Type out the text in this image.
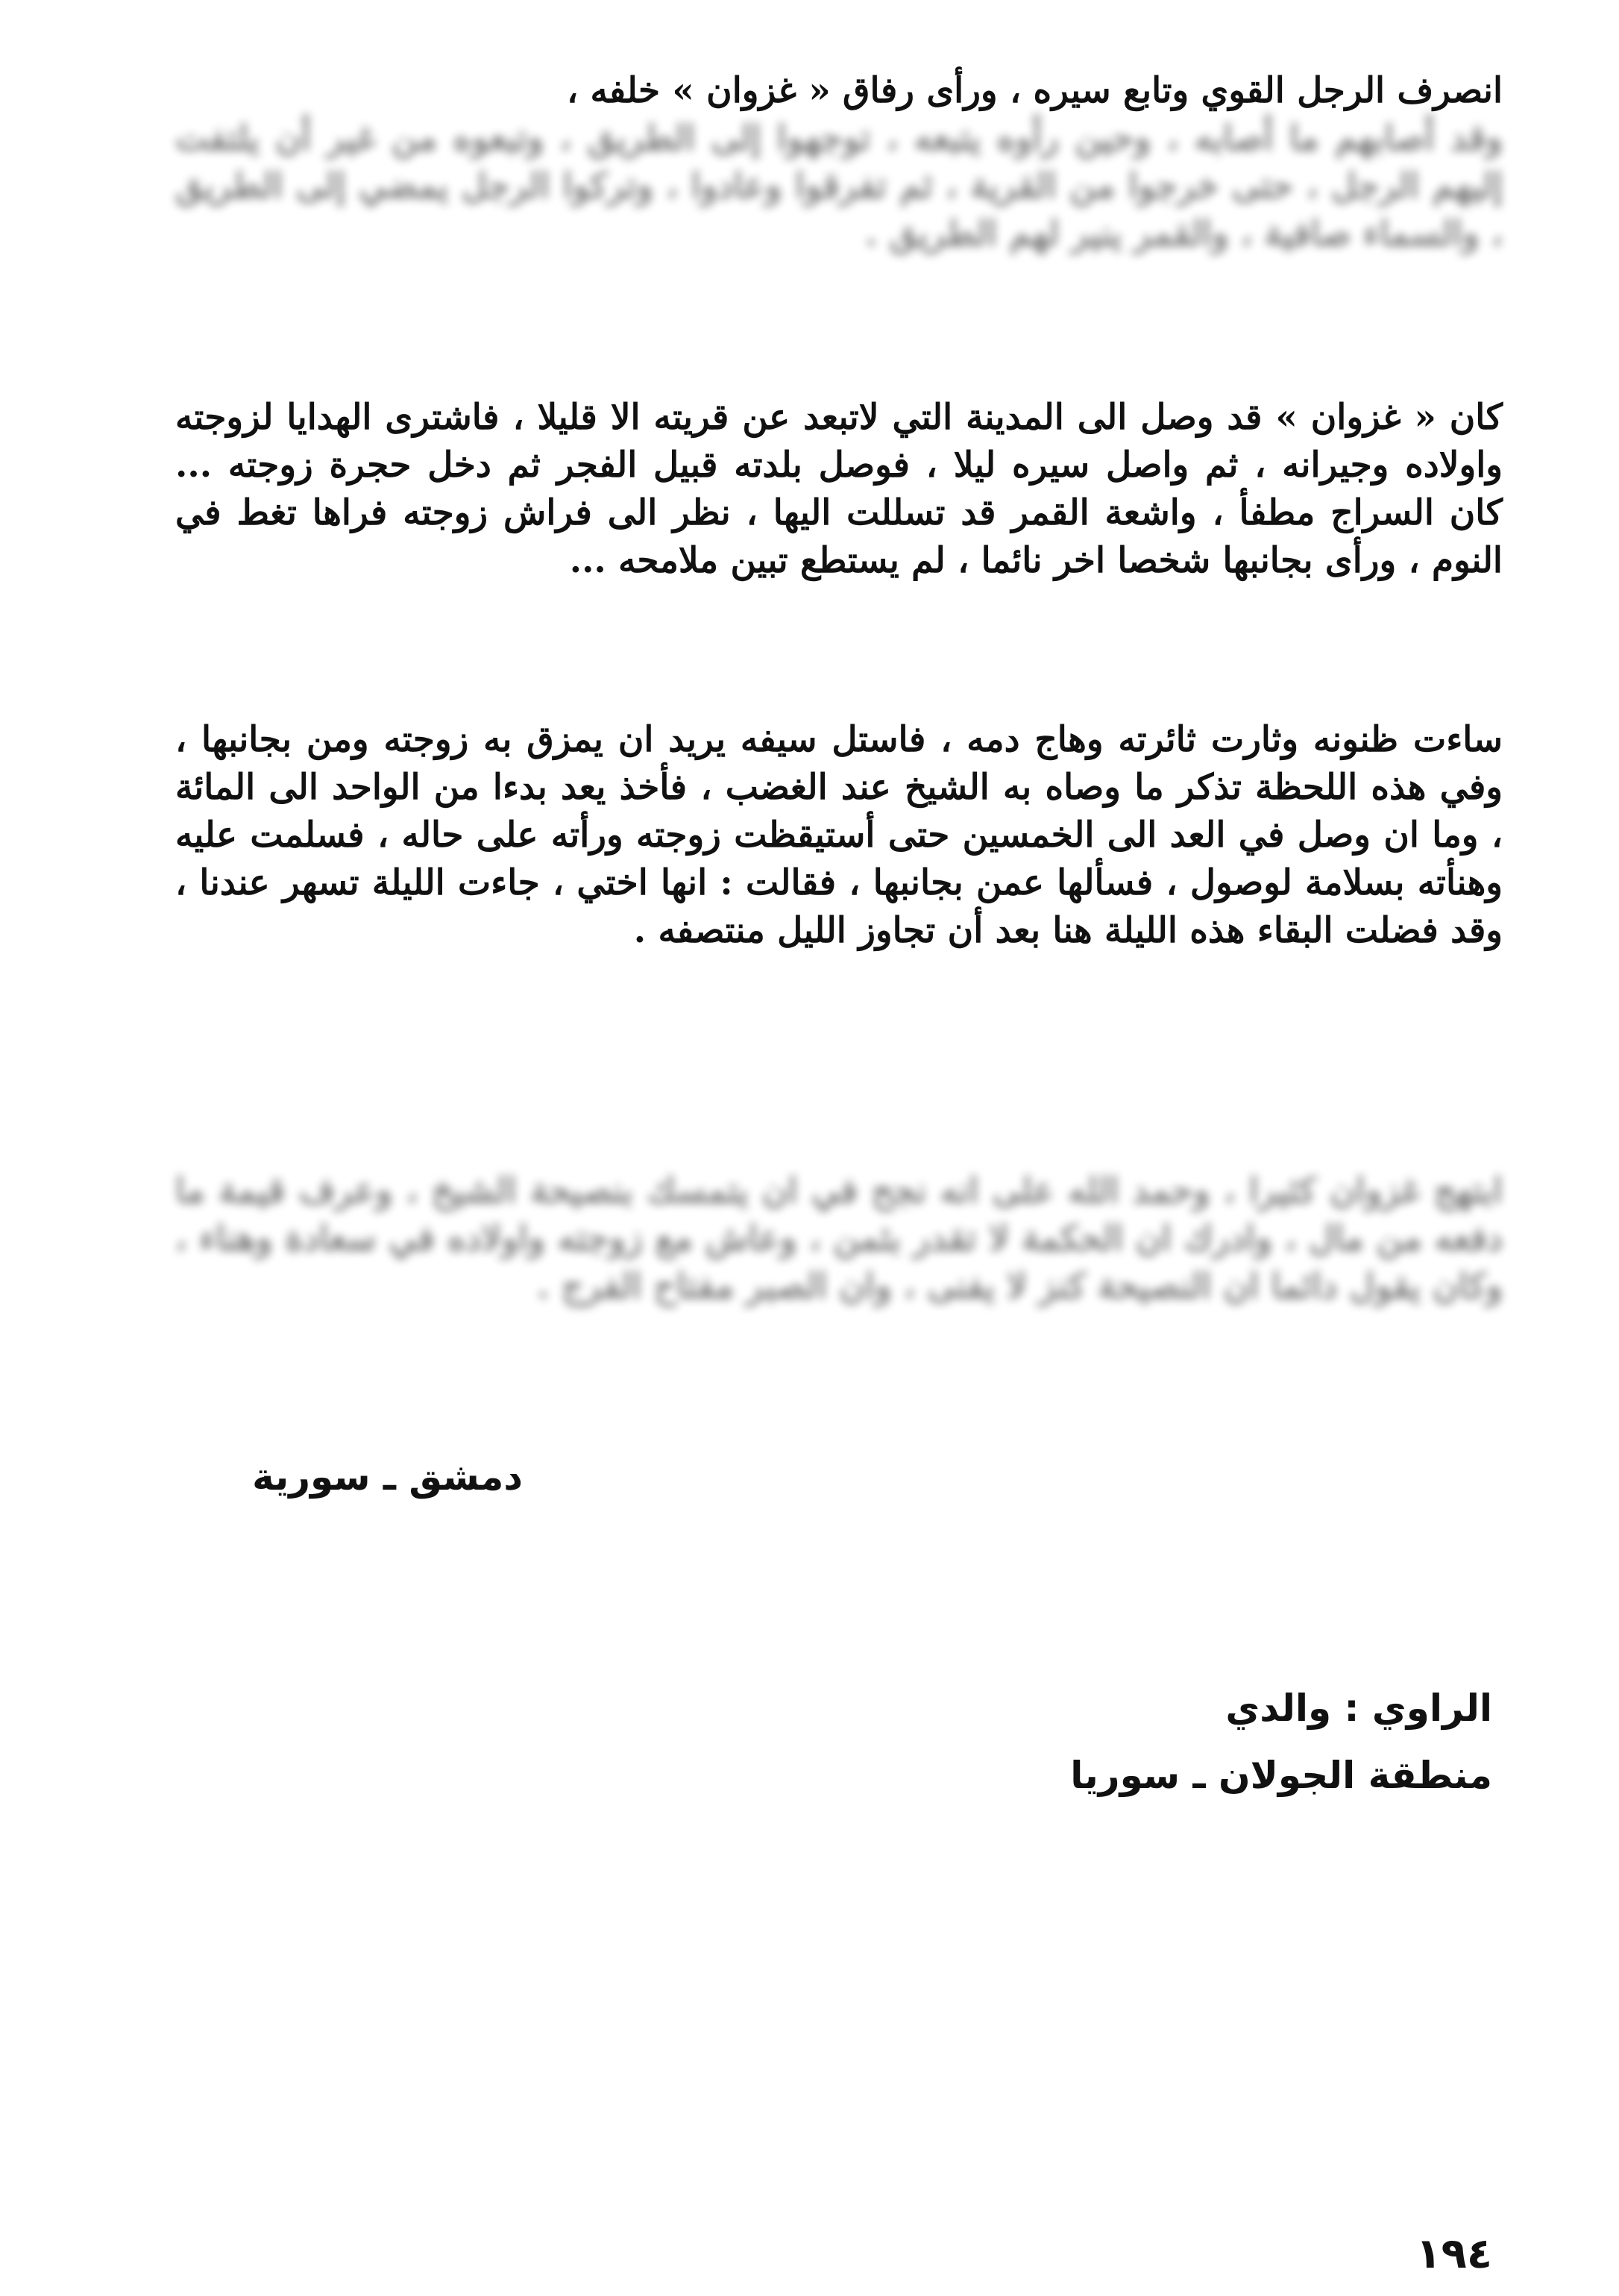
انصرف الرجل القوي وتابع سيره ، ورأى رفاق « غزوان » خلفه ،
وقد أصابهم ما أصابه ، وحين رأوه يتبعه ، توجهوا إلى الطريق ، وتبعوه من غير أن يلتفت إليهم الرجل ، حتى خرجوا من القرية ، ثم تفرقوا وعادوا ، وتركوا الرجل يمضي إلى الطريق ، والسماء صافية ، والقمر ينير لهم الطريق .
كان « غزوان » قد وصل الى المدينة التي لاتبعد عن قريته الا قليلا ، فاشترى الهدايا لزوجته واولاده وجيرانه ، ثم واصل سيره ليلا ، فوصل بلدته قبيل الفجر ثم دخل حجرة زوجته ... كان السراج مطفأ ، واشعة القمر قد تسللت اليها ، نظر الى فراش زوجته فراها تغط في النوم ، ورأى بجانبها شخصا اخر نائما ، لم يستطع تبين ملامحه ...
ساءت ظنونه وثارت ثائرته وهاج دمه ، فاستل سيفه يريد ان يمزق به زوجته ومن بجانبها ، وفي هذه اللحظة تذكر ما وصاه به الشيخ عند الغضب ، فأخذ يعد بدءا من الواحد الى المائة ، وما ان وصل في العد الى الخمسين حتى أستيقظت زوجته ورأته على حاله ، فسلمت عليه وهنأته بسلامة لوصول ، فسألها عمن بجانبها ، فقالت : انها اختي ، جاءت الليلة تسهر عندنا ، وقد فضلت البقاء هذه الليلة هنا بعد أن تجاوز الليل منتصفه .
ابتهج غزوان كثيرا ، وحمد الله على انه نجح في ان يتمسك بنصيحة الشيخ ، وعرف قيمة ما دفعه من مال ، وادرك ان الحكمة لا تقدر بثمن ، وعاش مع زوجته واولاده في سعادة وهناء ، وكان يقول دائما ان النصيحة كنز لا يفنى ، وان الصبر مفتاح الفرج .
دمشق ـ سورية
الراوي : والدي
منطقة الجولان ـ سوريا
١٩٤
